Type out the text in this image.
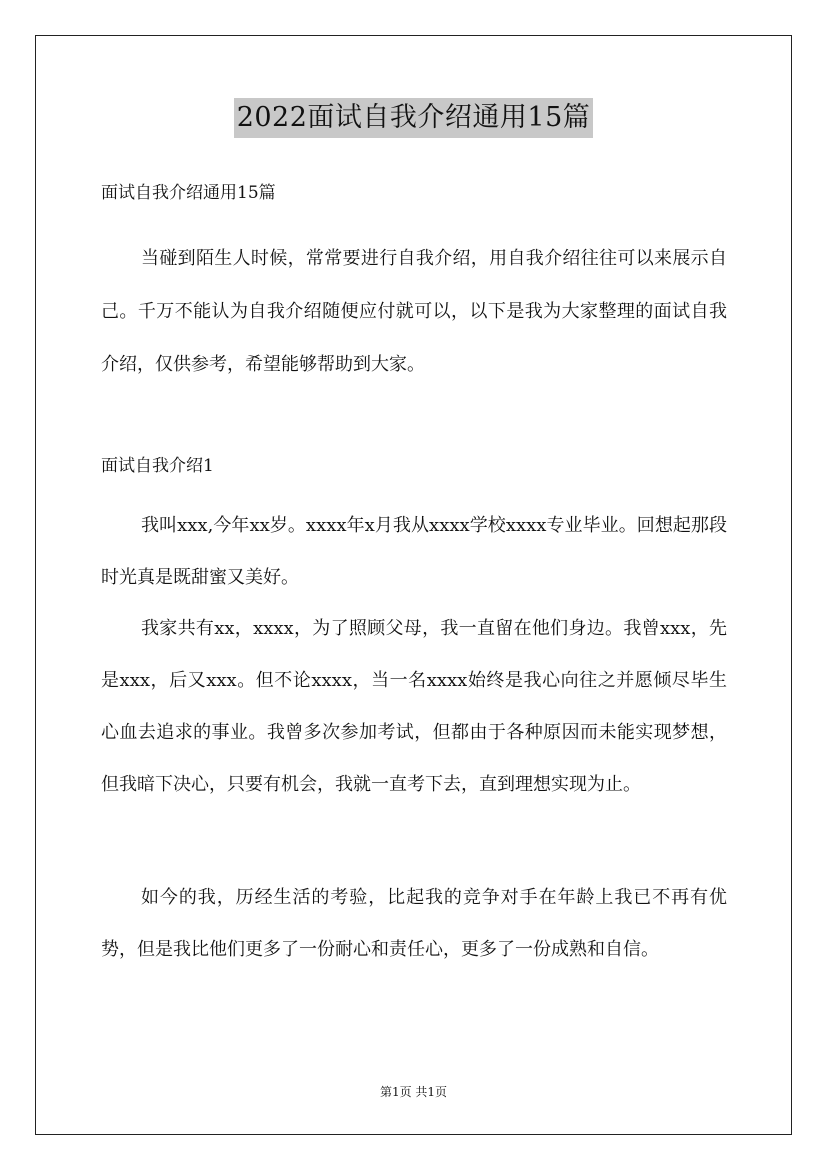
2022面试自我介绍通用15篇
面试自我介绍通用15篇

当碰到陌生人时候，常常要进行自我介绍，用自我介绍往往可以来展示自己。千万不能认为自我介绍随便应付就可以，以下是我为大家整理的面试自我介绍，仅供参考，希望能够帮助到大家。

面试自我介绍1

我叫xxx,今年xx岁。xxxx年x月我从xxxx学校xxxx专业毕业。回想起那段时光真是既甜蜜又美好。

我家共有xx，xxxx，为了照顾父母，我一直留在他们身边。我曾xxx，先是xxx，后又xxx。但不论xxxx，当一名xxxx始终是我心向往之并愿倾尽毕生心血去追求的事业。我曾多次参加考试，但都由于各种原因而未能实现梦想，但我暗下决心，只要有机会，我就一直考下去，直到理想实现为止。

如今的我，历经生活的考验，比起我的竞争对手在年龄上我已不再有优势，但是我比他们更多了一份耐心和责任心，更多了一份成熟和自信。

第1页 共1页
